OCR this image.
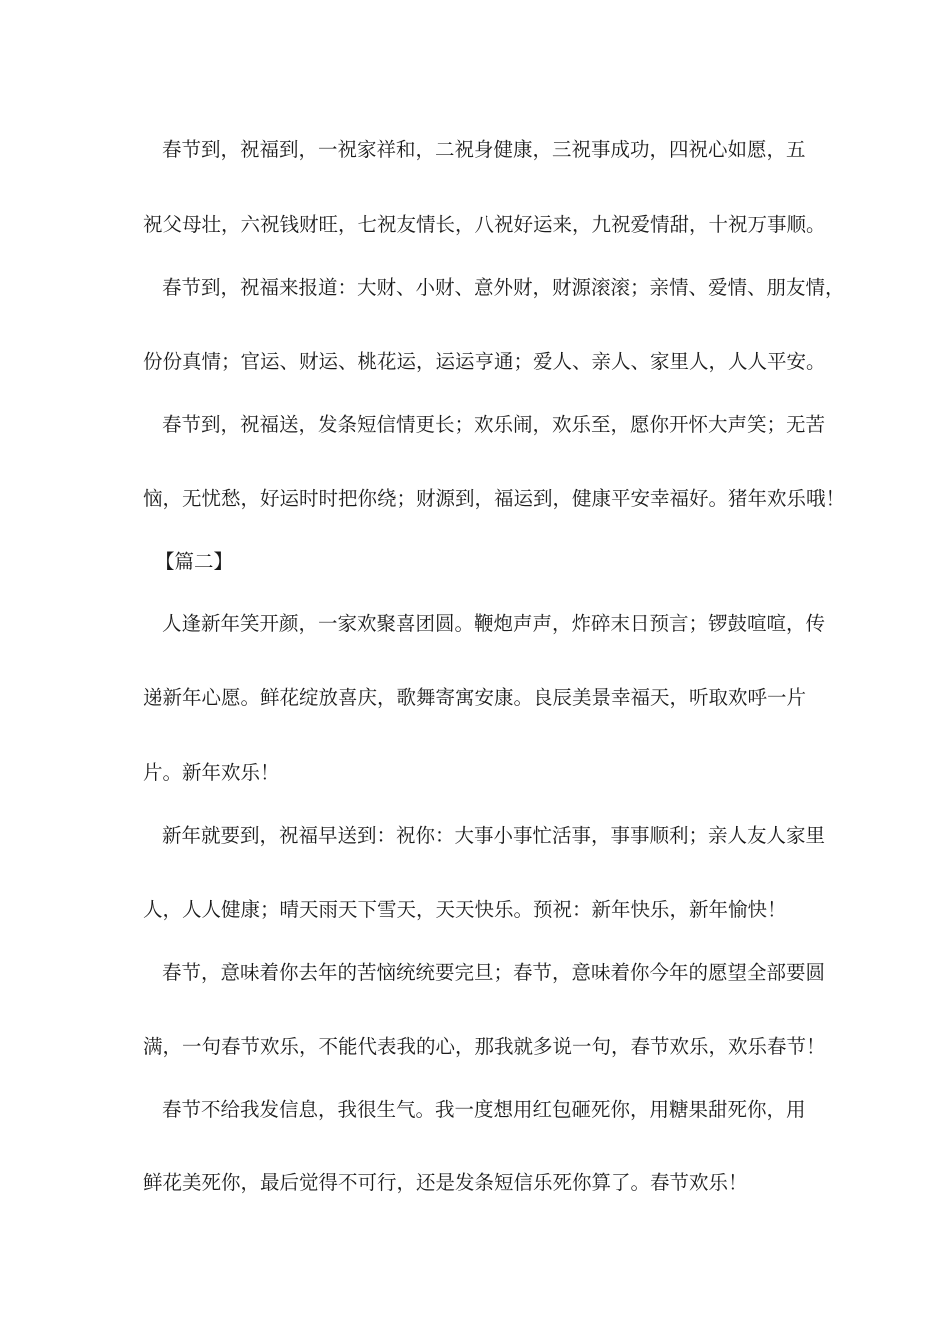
春节到，祝福到，一祝家祥和，二祝身健康，三祝事成功，四祝心如愿，五
祝父母壮，六祝钱财旺，七祝友情长，八祝好运来，九祝爱情甜，十祝万事顺。
春节到，祝福来报道：大财、小财、意外财，财源滚滚；亲情、爱情、朋友情，
份份真情；官运、财运、桃花运，运运亨通；爱人、亲人、家里人，人人平安。
春节到，祝福送，发条短信情更长；欢乐闹，欢乐至，愿你开怀大声笑；无苦
恼，无忧愁，好运时时把你绕；财源到，福运到，健康平安幸福好。猪年欢乐哦！
【篇二】
人逢新年笑开颜，一家欢聚喜团圆。鞭炮声声，炸碎末日预言；锣鼓喧喧，传
递新年心愿。鲜花绽放喜庆，歌舞寄寓安康。良辰美景幸福天，听取欢呼一片
片。新年欢乐！
新年就要到，祝福早送到：祝你：大事小事忙活事，事事顺利；亲人友人家里
人，人人健康；晴天雨天下雪天，天天快乐。预祝：新年快乐，新年愉快！
春节，意味着你去年的苦恼统统要完旦；春节，意味着你今年的愿望全部要圆
满，一句春节欢乐，不能代表我的心，那我就多说一句，春节欢乐，欢乐春节！
春节不给我发信息，我很生气。我一度想用红包砸死你，用糖果甜死你，用
鲜花美死你，最后觉得不可行，还是发条短信乐死你算了。春节欢乐！
